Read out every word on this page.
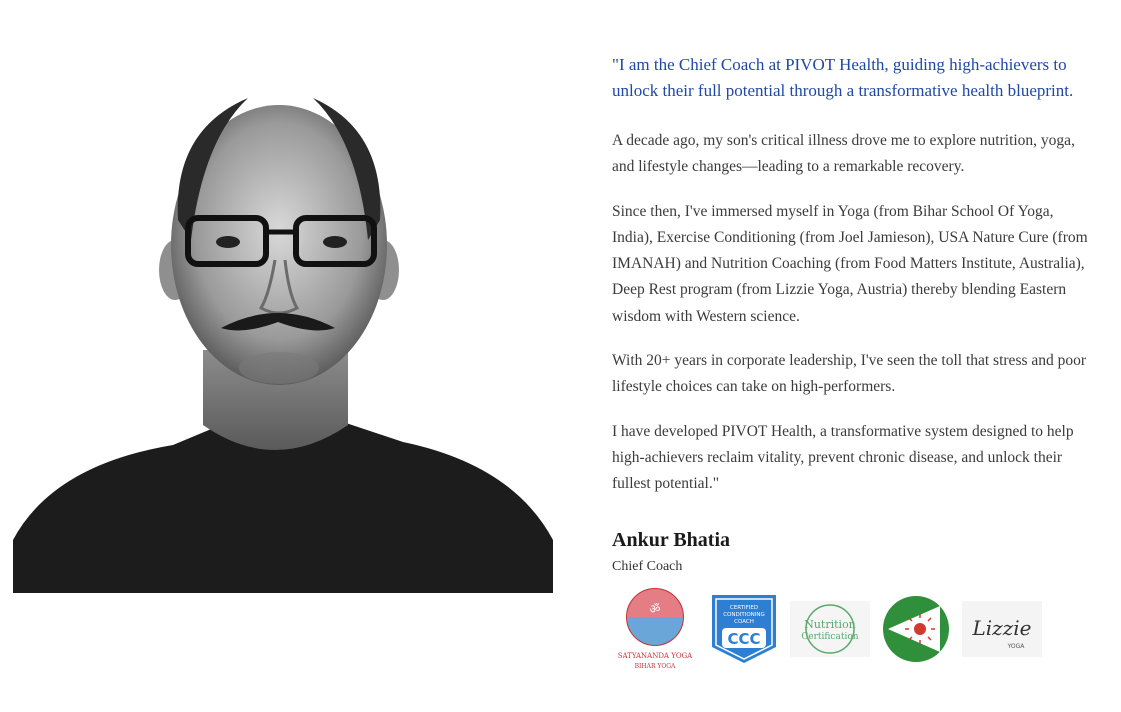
"I am the Chief Coach at PIVOT Health, guiding high-achievers to unlock their full potential through a transformative health blueprint.

A decade ago, my son's critical illness drove me to explore nutrition, yoga, and lifestyle changes—leading to a remarkable recovery.

Since then, I've immersed myself in Yoga (from Bihar School Of Yoga, India), Exercise Conditioning (from Joel Jamieson), USA Nature Cure (from IMANAH) and Nutrition Coaching (from Food Matters Institute, Australia), Deep Rest program (from Lizzie Yoga, Austria) thereby blending Eastern wisdom with Western science.

With 20+ years in corporate leadership, I've seen the toll that stress and poor lifestyle choices can take on high-performers.

I have developed PIVOT Health, a transformative system designed to help high-achievers reclaim vitality, prevent chronic disease, and unlock their fullest potential."

Ankur Bhatia
Chief Coach
ॐ
SATYANANDA YOGA
BIHAR YOGA
CERTIFIED
CONDITIONING
COACH
CCC
Nutrition
Certification	Lizzie
YOGA
